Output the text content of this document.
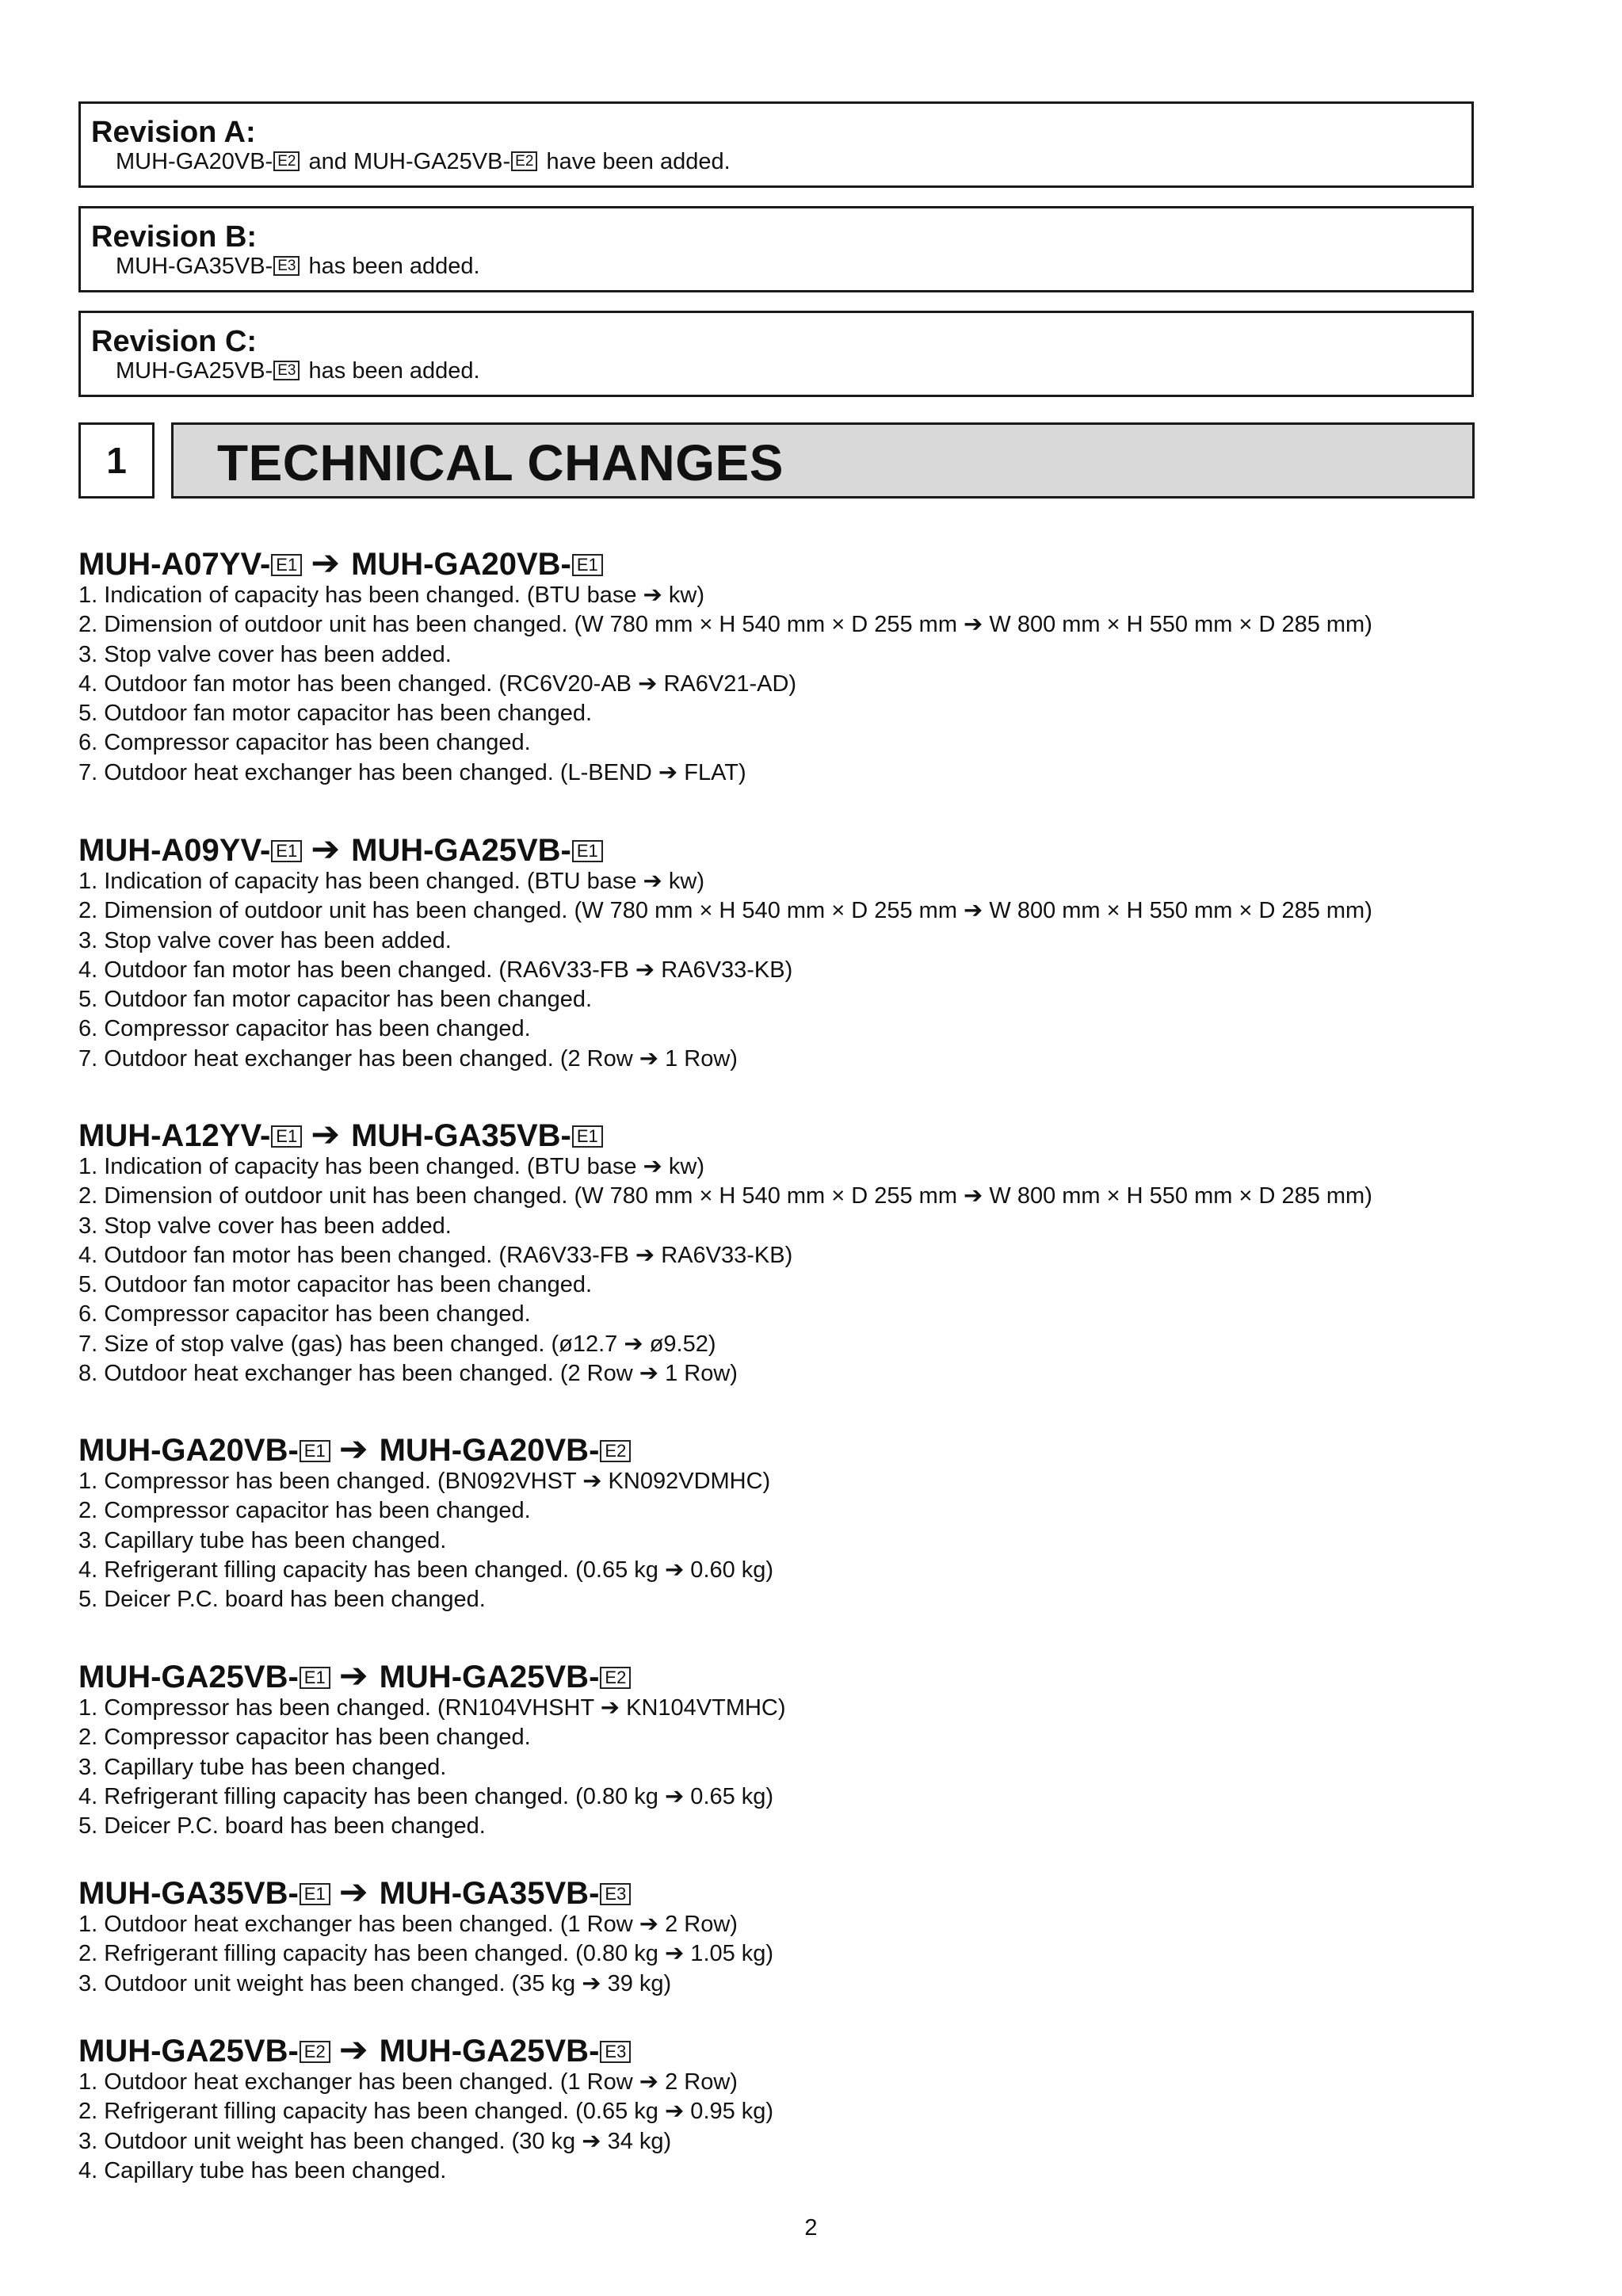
Revision A:
MUH-GA20VB- E2 and MUH-GA25VB- E2 have been added.
Revision B:
MUH-GA35VB- E3 has been added.
Revision C:
MUH-GA25VB- E3 has been added.
1	TECHNICAL CHANGES
MUH-A07YV- E1 ➔ MUH-GA20VB- E1
1. Indication of capacity has been changed. (BTU base ➔ kw)
2. Dimension of outdoor unit has been changed. (W 780 mm × H 540 mm × D 255 mm ➔ W 800 mm × H 550 mm × D 285 mm)
3. Stop valve cover has been added.
4. Outdoor fan motor has been changed. (RC6V20-AB ➔ RA6V21-AD)
5. Outdoor fan motor capacitor has been changed.
6. Compressor capacitor has been changed.
7. Outdoor heat exchanger has been changed. (L-BEND ➔ FLAT)
MUH-A09YV- E1 ➔ MUH-GA25VB- E1
1. Indication of capacity has been changed. (BTU base ➔ kw)
2. Dimension of outdoor unit has been changed. (W 780 mm × H 540 mm × D 255 mm ➔ W 800 mm × H 550 mm × D 285 mm)
3. Stop valve cover has been added.
4. Outdoor fan motor has been changed. (RA6V33-FB ➔ RA6V33-KB)
5. Outdoor fan motor capacitor has been changed.
6. Compressor capacitor has been changed.
7. Outdoor heat exchanger has been changed. (2 Row ➔ 1 Row)
MUH-A12YV- E1 ➔ MUH-GA35VB- E1
1. Indication of capacity has been changed. (BTU base ➔ kw)
2. Dimension of outdoor unit has been changed. (W 780 mm × H 540 mm × D 255 mm ➔ W 800 mm × H 550 mm × D 285 mm)
3. Stop valve cover has been added.
4. Outdoor fan motor has been changed. (RA6V33-FB ➔ RA6V33-KB)
5. Outdoor fan motor capacitor has been changed.
6. Compressor capacitor has been changed.
7. Size of stop valve (gas) has been changed. (ø12.7 ➔ ø9.52)
8. Outdoor heat exchanger has been changed. (2 Row ➔ 1 Row)
MUH-GA20VB- E1 ➔ MUH-GA20VB- E2
1. Compressor has been changed. (BN092VHST ➔ KN092VDMHC)
2. Compressor capacitor has been changed.
3. Capillary tube has been changed.
4. Refrigerant filling capacity has been changed. (0.65 kg ➔ 0.60 kg)
5. Deicer P.C. board has been changed.
MUH-GA25VB- E1 ➔ MUH-GA25VB- E2
1. Compressor has been changed. (RN104VHSHT ➔ KN104VTMHC)
2. Compressor capacitor has been changed.
3. Capillary tube has been changed.
4. Refrigerant filling capacity has been changed. (0.80 kg ➔ 0.65 kg)
5. Deicer P.C. board has been changed.
MUH-GA35VB- E1 ➔ MUH-GA35VB- E3
1. Outdoor heat exchanger has been changed. (1 Row ➔ 2 Row)
2. Refrigerant filling capacity has been changed. (0.80 kg ➔ 1.05 kg)
3. Outdoor unit weight has been changed. (35 kg ➔ 39 kg)
MUH-GA25VB- E2 ➔ MUH-GA25VB- E3
1. Outdoor heat exchanger has been changed. (1 Row ➔ 2 Row)
2. Refrigerant filling capacity has been changed. (0.65 kg ➔ 0.95 kg)
3. Outdoor unit weight has been changed. (30 kg ➔ 34 kg)
4. Capillary tube has been changed.
2
